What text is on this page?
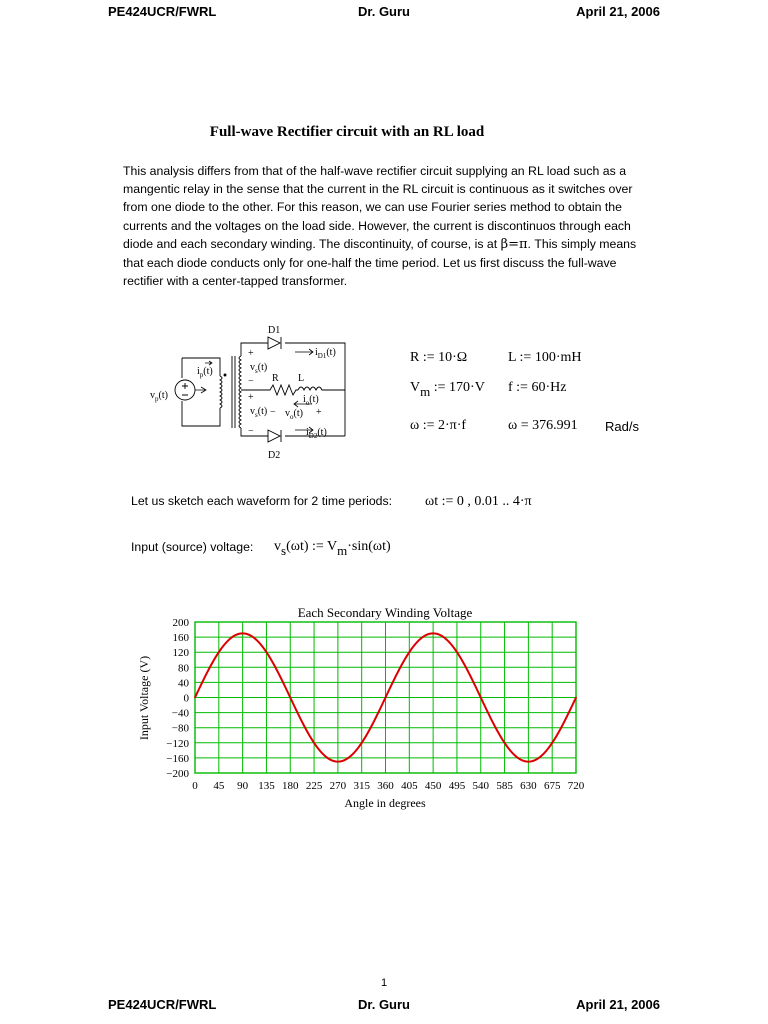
PE424UCR/FWRL	Dr. Guru	April 21, 2006
Full-wave Rectifier circuit with an RL load

This analysis differs from that of the half-wave rectifier circuit supplying an RL load such as a mangentic relay in the sense that the current in the RL circuit is continuous as it switches over from one diode to the other. For this reason, we can use Fourier series method to obtain the currents and the voltages on the load side. However, the current is discontinuos through each diode and each secondary winding. The discontinuity, of course, is at β=π. This simply means that each diode conducts only for one-half the time period. Let us first discuss the full-wave rectifier with a center-tapped transformer.

D1
D2
R L
+
−
+
−
−	+
$v_p(t)$
$i_p(t)$	$v_s(t)$
$v_s(t)$ $v_o(t)$
$i_o(t)$
$i_{D1}(t)$
$i_{D2}(t)$
R := 10·Ω	L := 100·mH
$V_m$ := 170·V f := 60·Hz
ω := 2·π·f	ω = 376.991 Rad/s
Let us sketch each waveform for 2 time periods: ωt := 0 , 0.01 .. 4·π
Input (source) voltage: $v_s(\omega t)$ := $V_m\cdot\sin(\omega t)$
Each Secondary Winding Voltage
Angle in degrees
Input Voltage (V)
0 45 90 135 180 225 270 315 360 405 450 495 540 585 630 675 720
200
160
120
80
40
0
−40
−80
−120
−160
−200
1
PE424UCR/FWRL	Dr. Guru	April 21, 2006
